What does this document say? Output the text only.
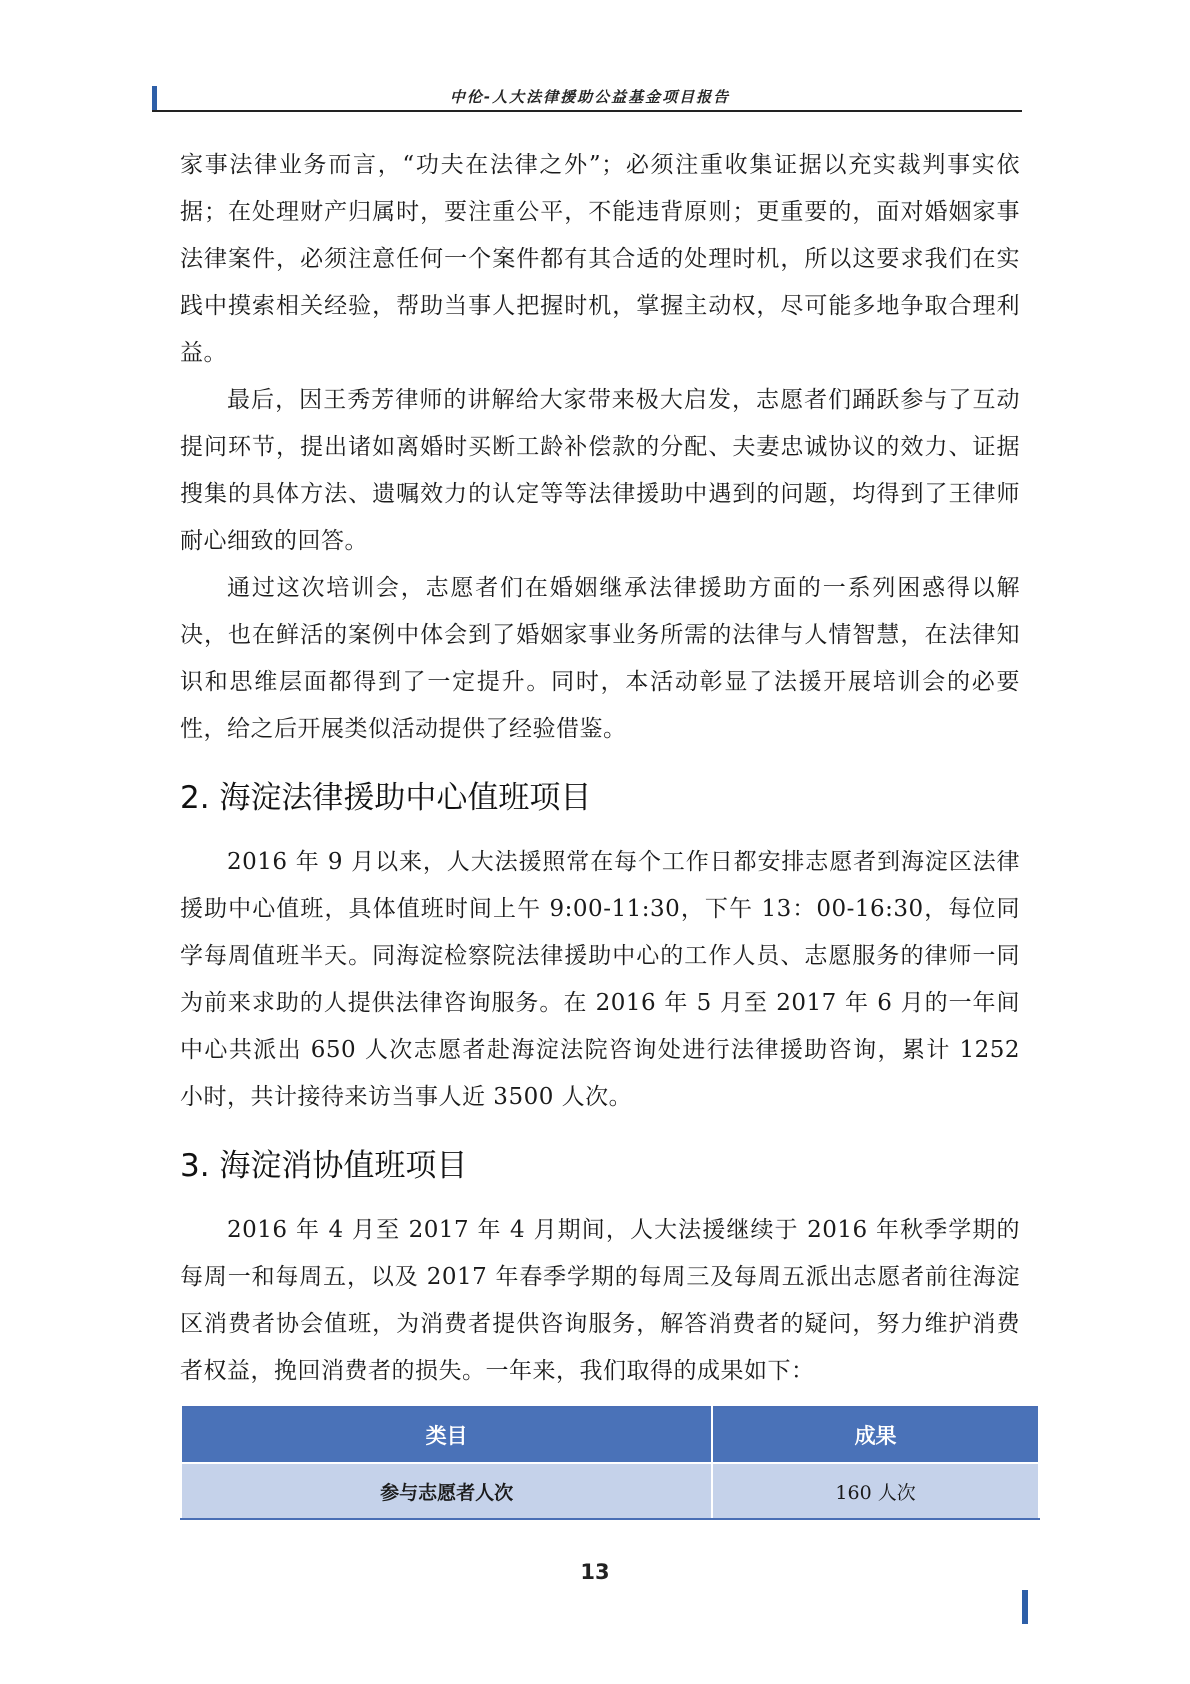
中伦-人大法律援助公益基金项目报告

家事法律业务而言，“功夫在法律之外”；必须注重收集证据以充实裁判事实依据；在处理财产归属时，要注重公平，不能违背原则；更重要的，面对婚姻家事法律案件，必须注意任何一个案件都有其合适的处理时机，所以这要求我们在实践中摸索相关经验，帮助当事人把握时机，掌握主动权，尽可能多地争取合理利益。

最后，因王秀芳律师的讲解给大家带来极大启发，志愿者们踊跃参与了互动提问环节，提出诸如离婚时买断工龄补偿款的分配、夫妻忠诚协议的效力、证据搜集的具体方法、遗嘱效力的认定等等法律援助中遇到的问题，均得到了王律师耐心细致的回答。

通过这次培训会，志愿者们在婚姻继承法律援助方面的一系列困惑得以解决，也在鲜活的案例中体会到了婚姻家事业务所需的法律与人情智慧，在法律知识和思维层面都得到了一定提升。同时，本活动彰显了法援开展培训会的必要性，给之后开展类似活动提供了经验借鉴。

2. 海淀法律援助中心值班项目

2016 年 9 月以来，人大法援照常在每个工作日都安排志愿者到海淀区法律援助中心值班，具体值班时间上午 9:00-11:30，下午 13：00-16:30，每位同学每周值班半天。同海淀检察院法律援助中心的工作人员、志愿服务的律师一同为前来求助的人提供法律咨询服务。在 2016 年 5 月至 2017 年 6 月的一年间中心共派出 650 人次志愿者赴海淀法院咨询处进行法律援助咨询，累计 1252 小时，共计接待来访当事人近 3500 人次。

3. 海淀消协值班项目

2016 年 4 月至 2017 年 4 月期间，人大法援继续于 2016 年秋季学期的每周一和每周五，以及 2017 年春季学期的每周三及每周五派出志愿者前往海淀区消费者协会值班，为消费者提供咨询服务，解答消费者的疑问，努力维护消费者权益，挽回消费者的损失。一年来，我们取得的成果如下：

类目	成果
参与志愿者人次	160 人次
13
